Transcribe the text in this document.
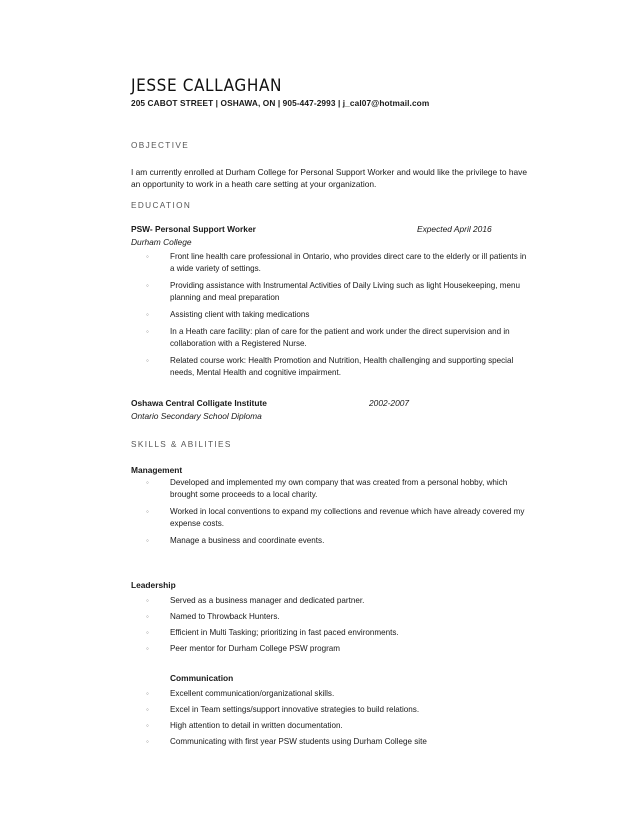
JESSE CALLAGHAN
205 CABOT STREET | OSHAWA, ON | 905-447-2993 | j_cal07@hotmail.com
OBJECTIVE
I am currently enrolled at Durham College for Personal Support Worker and would like the privilege to have an opportunity to work in a heath care setting at your organization.
EDUCATION
PSW- Personal Support Worker	Expected April 2016
Durham College
◦	Front line health care professional in Ontario, who provides direct care to the elderly or ill patients in a wide variety of settings.
◦	Providing assistance with Instrumental Activities of Daily Living such as light Housekeeping, menu planning and meal preparation
◦	Assisting client with taking medications
◦	In a Heath care facility: plan of care for the patient and work under the direct supervision and in collaboration with a Registered Nurse.
◦	Related course work: Health Promotion and Nutrition, Health challenging and supporting special needs, Mental Health and cognitive impairment.
Oshawa Central Colligate Institute	2002-2007
Ontario Secondary School Diploma
SKILLS & ABILITIES
Management
◦	Developed and implemented my own company that was created from a personal hobby, which brought some proceeds to a local charity.
◦	Worked in local conventions to expand my collections and revenue which have already covered my expense costs.
◦	Manage a business and coordinate events.
Leadership
◦	Served as a business manager and dedicated partner.
◦	Named to Throwback Hunters.
◦	Efficient in Multi Tasking; prioritizing in fast paced environments.
◦	Peer mentor for Durham College PSW program
Communication
◦	Excellent communication/organizational skills.
◦	Excel in Team settings/support innovative strategies to build relations.
◦	High attention to detail in written documentation.
◦	Communicating with first year PSW students using Durham College site
